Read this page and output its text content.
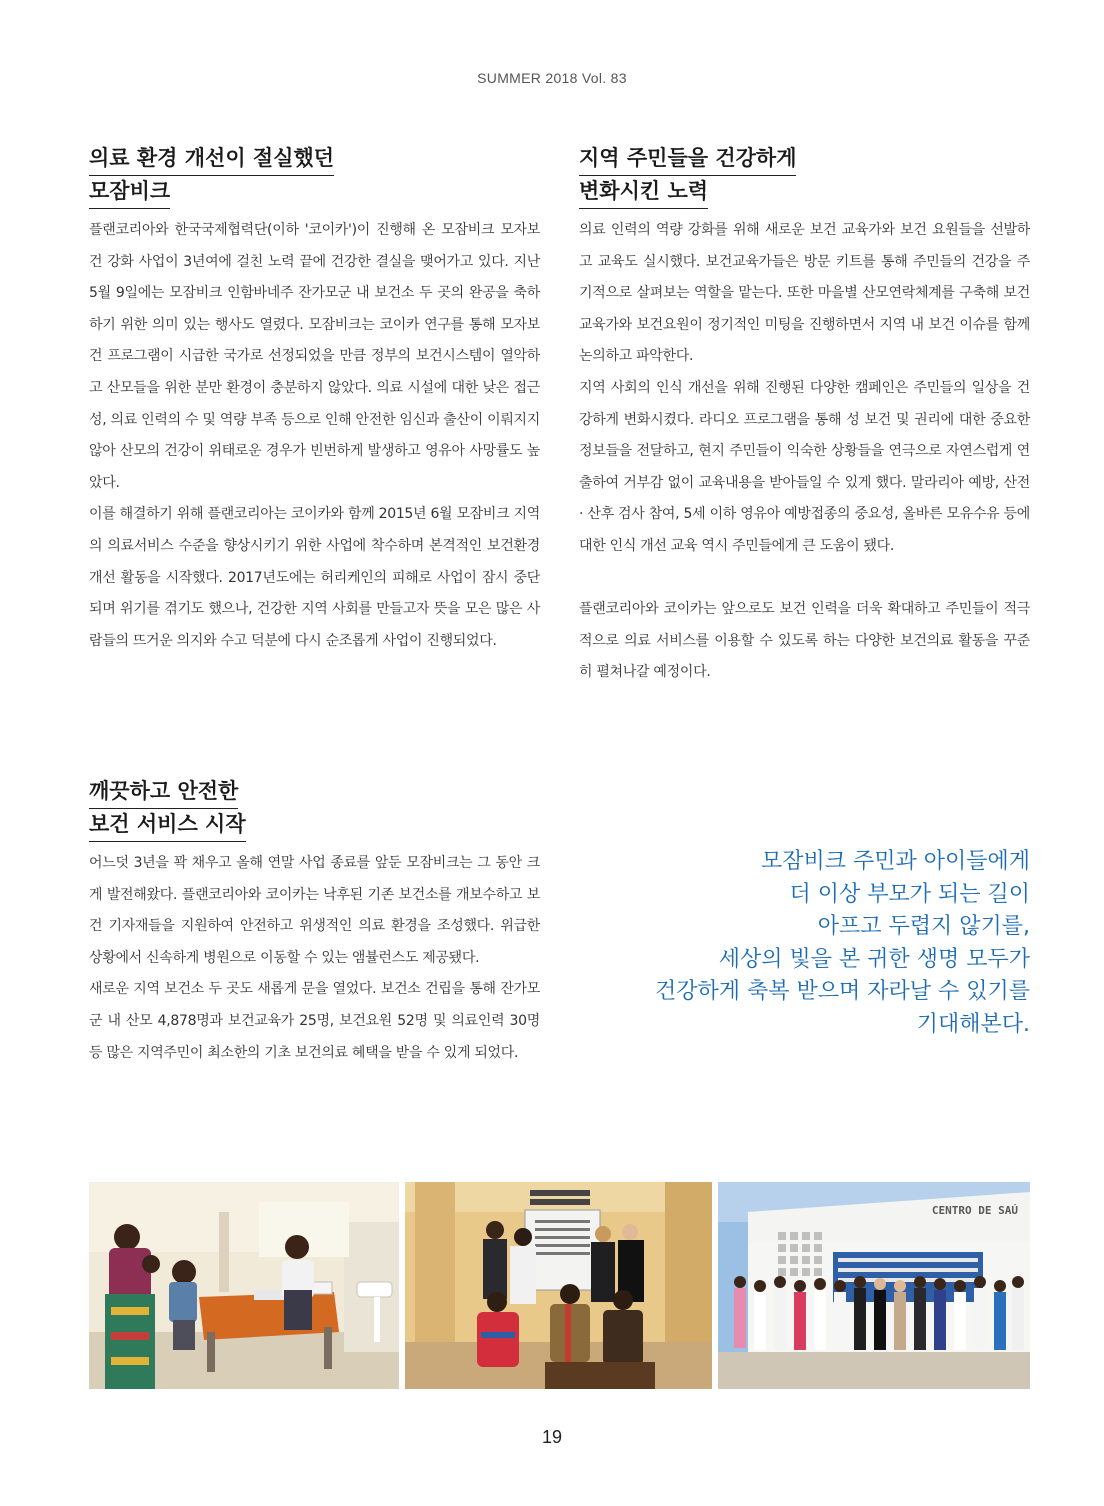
SUMMER 2018 Vol. 83
의료 환경 개선이 절실했던
모잠비크

플랜코리아와 한국국제협력단(이하 '코이카')이 진행해 온 모잠비크 모자보건 강화 사업이 3년여에 걸친 노력 끝에 건강한 결실을 맺어가고 있다. 지난 5월 9일에는 모잠비크 인함바네주 잔가모군 내 보건소 두 곳의 완공을 축하하기 위한 의미 있는 행사도 열렸다. 모잠비크는 코이카 연구를 통해 모자보건 프로그램이 시급한 국가로 선정되었을 만큼 정부의 보건시스템이 열악하고 산모들을 위한 분만 환경이 충분하지 않았다. 의료 시설에 대한 낮은 접근성, 의료 인력의 수 및 역량 부족 등으로 인해 안전한 임신과 출산이 이뤄지지 않아 산모의 건강이 위태로운 경우가 빈번하게 발생하고 영유아 사망률도 높았다.

이를 해결하기 위해 플랜코리아는 코이카와 함께 2015년 6월 모잠비크 지역의 의료서비스 수준을 향상시키기 위한 사업에 착수하며 본격적인 보건환경 개선 활동을 시작했다. 2017년도에는 허리케인의 피해로 사업이 잠시 중단되며 위기를 겪기도 했으나, 건강한 지역 사회를 만들고자 뜻을 모은 많은 사람들의 뜨거운 의지와 수고 덕분에 다시 순조롭게 사업이 진행되었다.

깨끗하고 안전한
보건 서비스 시작

어느덧 3년을 꽉 채우고 올해 연말 사업 종료를 앞둔 모잠비크는 그 동안 크게 발전해왔다. 플랜코리아와 코이카는 낙후된 기존 보건소를 개보수하고 보건 기자재들을 지원하여 안전하고 위생적인 의료 환경을 조성했다. 위급한 상황에서 신속하게 병원으로 이동할 수 있는 앰뷸런스도 제공됐다.

새로운 지역 보건소 두 곳도 새롭게 문을 열었다. 보건소 건립을 통해 잔가모군 내 산모 4,878명과 보건교육가 25명, 보건요원 52명 및 의료인력 30명 등 많은 지역주민이 최소한의 기초 보건의료 혜택을 받을 수 있게 되었다.

지역 주민들을 건강하게
변화시킨 노력

의료 인력의 역량 강화를 위해 새로운 보건 교육가와 보건 요원들을 선발하고 교육도 실시했다. 보건교육가들은 방문 키트를 통해 주민들의 건강을 주기적으로 살펴보는 역할을 맡는다. 또한 마을별 산모연락체계를 구축해 보건교육가와 보건요원이 정기적인 미팅을 진행하면서 지역 내 보건 이슈를 함께 논의하고 파악한다.

지역 사회의 인식 개선을 위해 진행된 다양한 캠페인은 주민들의 일상을 건강하게 변화시켰다. 라디오 프로그램을 통해 성 보건 및 권리에 대한 중요한 정보들을 전달하고, 현지 주민들이 익숙한 상황들을 연극으로 자연스럽게 연출하여 거부감 없이 교육내용을 받아들일 수 있게 했다. 말라리아 예방, 산전 · 산후 검사 참여, 5세 이하 영유아 예방접종의 중요성, 올바른 모유수유 등에 대한 인식 개선 교육 역시 주민들에게 큰 도움이 됐다.

플랜코리아와 코이카는 앞으로도 보건 인력을 더욱 확대하고 주민들이 적극적으로 의료 서비스를 이용할 수 있도록 하는 다양한 보건의료 활동을 꾸준히 펼쳐나갈 예정이다.

모잠비크 주민과 아이들에게
더 이상 부모가 되는 길이
아프고 두렵지 않기를,
세상의 빛을 본 귀한 생명 모두가
건강하게 축복 받으며 자라날 수 있기를
기대해본다.
CENTRO DE SAÚ
19
